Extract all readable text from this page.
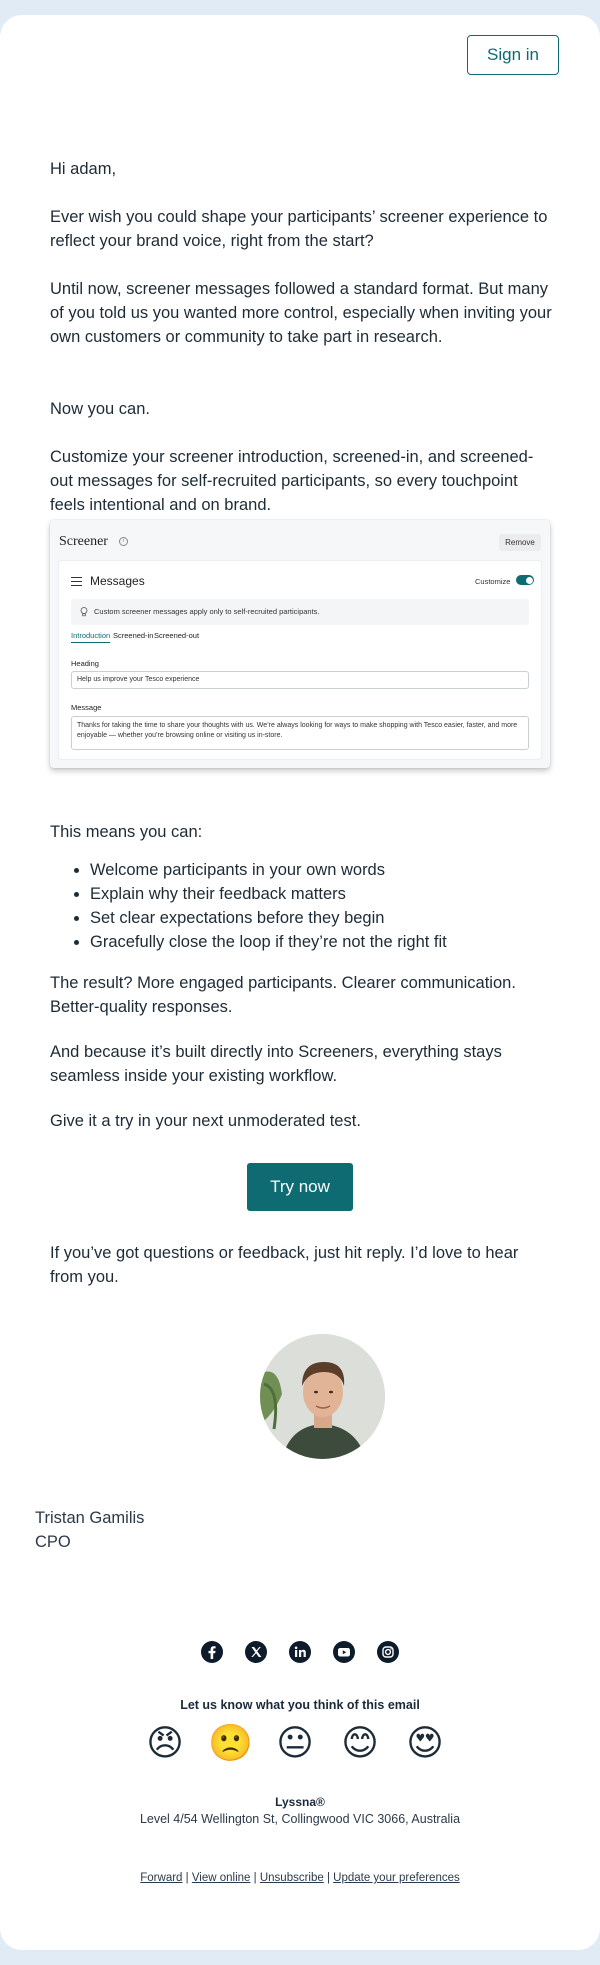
Sign in

Hi adam,

Ever wish you could shape your participants’ screener experience to reflect your brand voice, right from the start?

Until now, screener messages followed a standard format. But many of you told us you wanted more control, especially when inviting your own customers or community to take part in research.

Now you can.

Customize your screener introduction, screened-in, and screened-out messages for self-recruited participants, so every touchpoint feels intentional and on brand.

Screener	i	Remove
Messages	Customize
Custom screener messages apply only to self-recruited participants.
Introduction Screened-in Screened-out
Heading
Help us improve your Tesco experience
Message
Thanks for taking the time to share your thoughts with us. We’re always looking for ways to make shopping with Tesco easier, faster, and more enjoyable — whether you’re browsing online or visiting us in-store.

This means you can:

Welcome participants in your own words
Explain why their feedback matters
Set clear expectations before they begin
Gracefully close the loop if they’re not the right fit

The result? More engaged participants. Clearer communication. Better-quality responses.

And because it’s built directly into Screeners, everything stays seamless inside your existing workflow.

Give it a try in your next unmoderated test.

Try now

If you’ve got questions or feedback, just hit reply. I’d love to hear from you.

Tristan Gamilis
CPO
Let us know what you think of this email
😠 🙁 😐 😊 😍
Lyssna®
Level 4/54 Wellington St, Collingwood VIC 3066, Australia
Forward | View online | Unsubscribe | Update your preferences
